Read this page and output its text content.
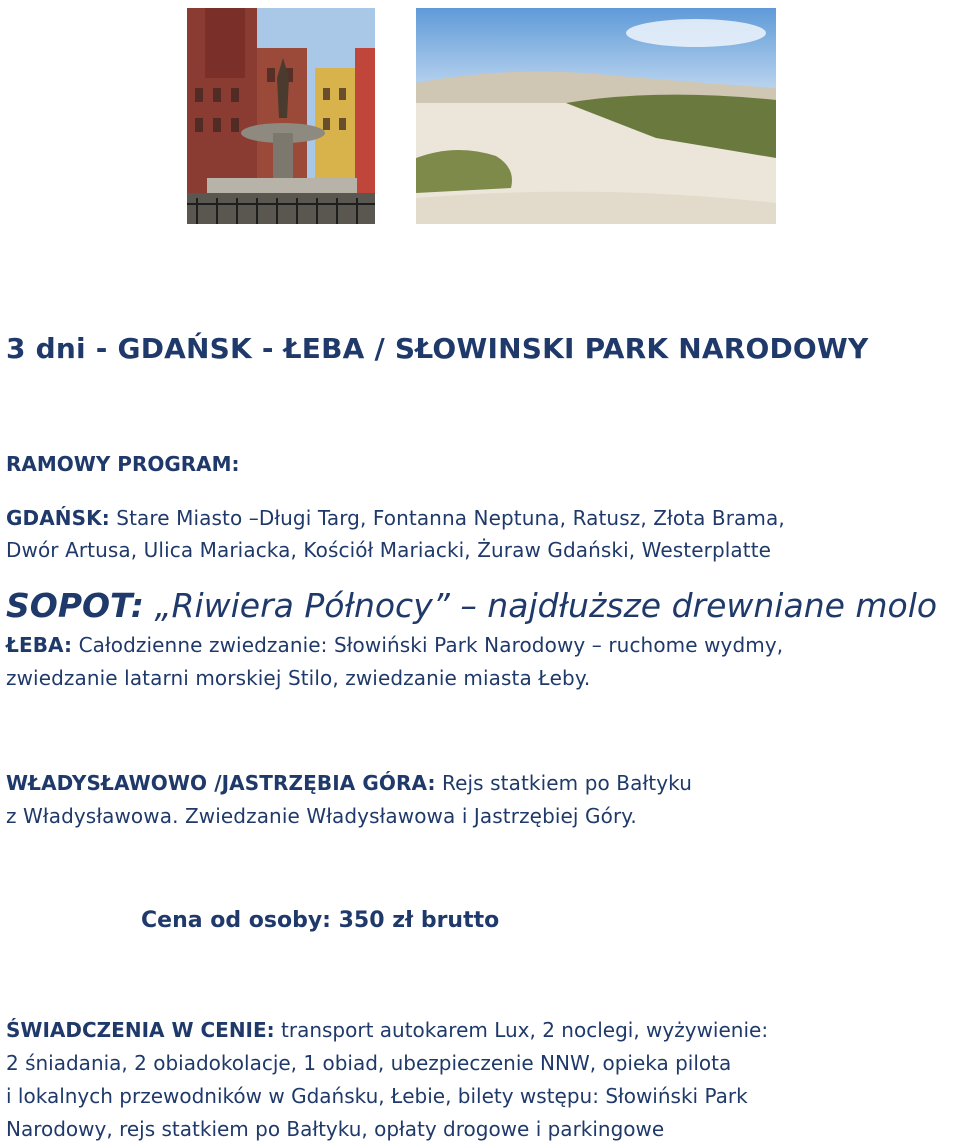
3 dni - GDAŃSK - ŁEBA / SŁOWINSKI PARK NARODOWY
RAMOWY PROGRAM:
GDAŃSK: Stare Miasto –Długi Targ, Fontanna Neptuna, Ratusz, Złota Brama,
Dwór Artusa, Ulica Mariacka, Kościół Mariacki, Żuraw Gdański, Westerplatte
SOPOT: „Riwiera Północy” – najdłuższe drewniane molo
ŁEBA: Całodzienne zwiedzanie: Słowiński Park Narodowy – ruchome wydmy,
zwiedzanie latarni morskiej Stilo, zwiedzanie miasta Łeby.
WŁADYSŁAWOWO /JASTRZĘBIA GÓRA: Rejs statkiem po Bałtyku
z Władysławowa. Zwiedzanie Władysławowa i Jastrzębiej Góry.
Cena od osoby: 350 zł brutto
ŚWIADCZENIA W CENIE: transport autokarem Lux, 2 noclegi, wyżywienie:
2 śniadania, 2 obiadokolacje, 1 obiad, ubezpieczenie NNW, opieka pilota
i lokalnych przewodników w Gdańsku, Łebie, bilety wstępu: Słowiński Park
Narodowy, rejs statkiem po Bałtyku, opłaty drogowe i parkingowe
